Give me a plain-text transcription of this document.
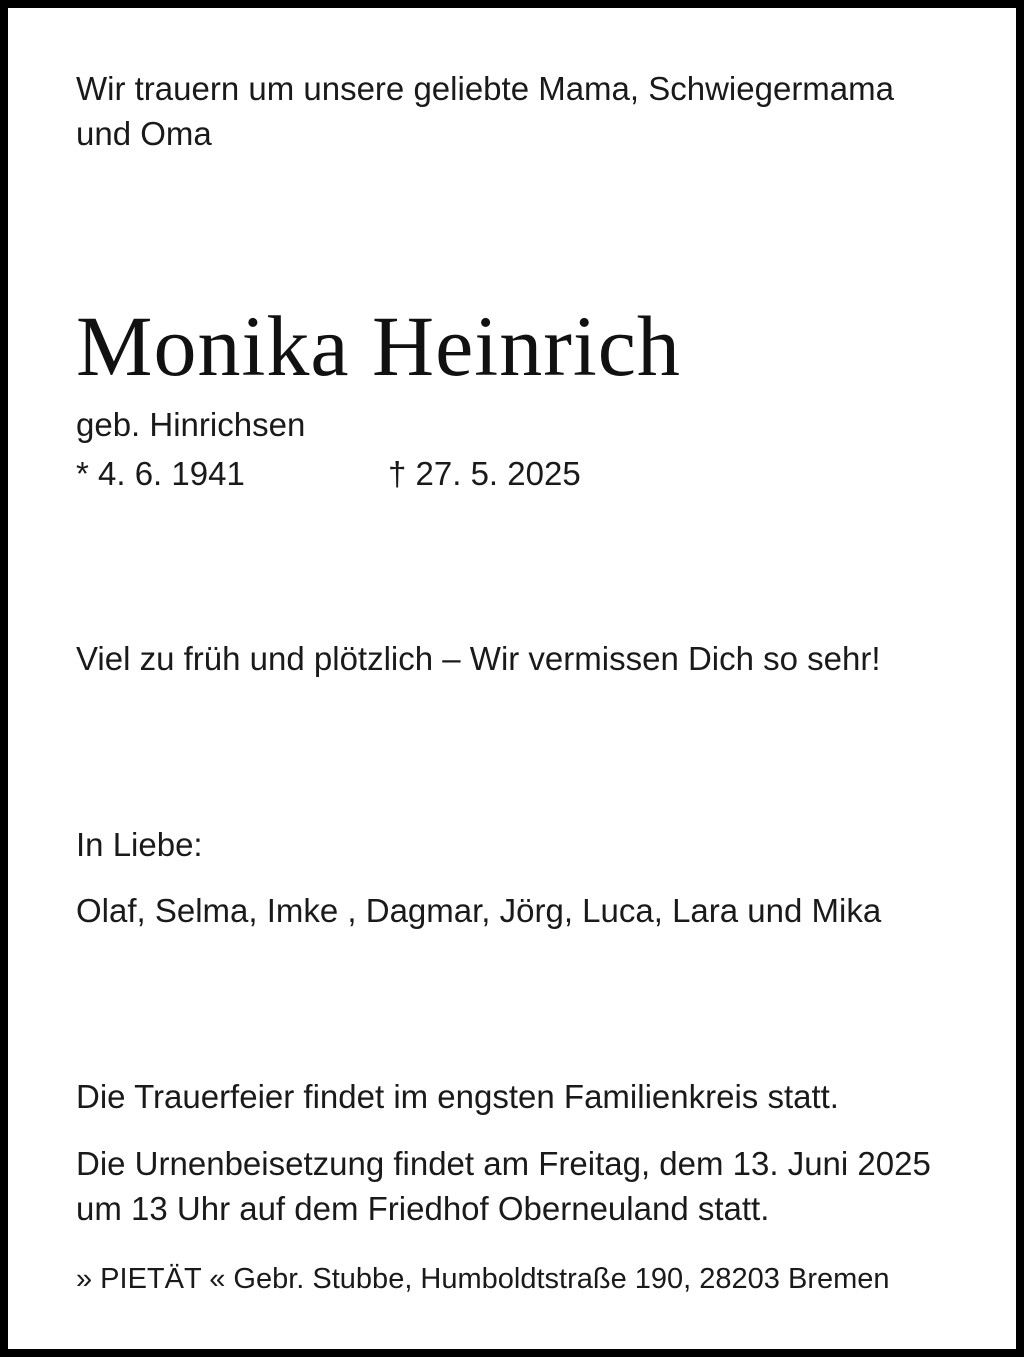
Wir trauern um unsere geliebte Mama, Schwiegermama
und Oma

Monika Heinrich

geb. Hinrichsen

* 4. 6. 1941	† 27. 5. 2025

Viel zu früh und plötzlich – Wir vermissen Dich so sehr!

In Liebe:

Olaf, Selma, Imke , Dagmar, Jörg, Luca, Lara und Mika

Die Trauerfeier findet im engsten Familienkreis statt.

Die Urnenbeisetzung findet am Freitag, dem 13. Juni 2025
um 13 Uhr auf dem Friedhof Oberneuland statt.

» PIETÄT « Gebr. Stubbe, Humboldtstraße 190, 28203 Bremen
